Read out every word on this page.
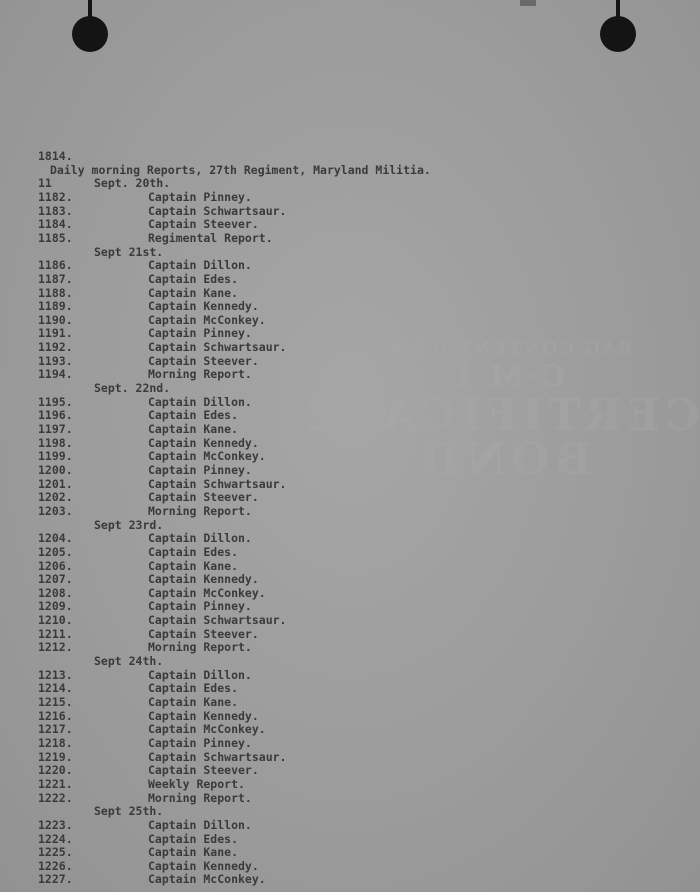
RAG CONTENT U.S.A.
C·M·E
CERTIFICATE BOND
1814.
Daily morning Reports, 27th Regiment, Maryland Militia.
11	Sept. 20th.
1182.	Captain Pinney.
1183.	Captain Schwartsaur.
1184.	Captain Steever.
1185.	Regimental Report.
Sept 21st.
1186.	Captain Dillon.
1187.	Captain Edes.
1188.	Captain Kane.
1189.	Captain Kennedy.
1190.	Captain McConkey.
1191.	Captain Pinney.
1192.	Captain Schwartsaur.
1193.	Captain Steever.
1194.	Morning Report.
Sept. 22nd.
1195.	Captain Dillon.
1196.	Captain Edes.
1197.	Captain Kane.
1198.	Captain Kennedy.
1199.	Captain McConkey.
1200.	Captain Pinney.
1201.	Captain Schwartsaur.
1202.	Captain Steever.
1203.	Morning Report.
Sept 23rd.
1204.	Captain Dillon.
1205.	Captain Edes.
1206.	Captain Kane.
1207.	Captain Kennedy.
1208.	Captain McConkey.
1209.	Captain Pinney.
1210.	Captain Schwartsaur.
1211.	Captain Steever.
1212.	Morning Report.
Sept 24th.
1213.	Captain Dillon.
1214.	Captain Edes.
1215.	Captain Kane.
1216.	Captain Kennedy.
1217.	Captain McConkey.
1218.	Captain Pinney.
1219.	Captain Schwartsaur.
1220.	Captain Steever.
1221.	Weekly Report.
1222.	Morning Report.
Sept 25th.
1223.	Captain Dillon.
1224.	Captain Edes.
1225.	Captain Kane.
1226.	Captain Kennedy.
1227.	Captain McConkey.
